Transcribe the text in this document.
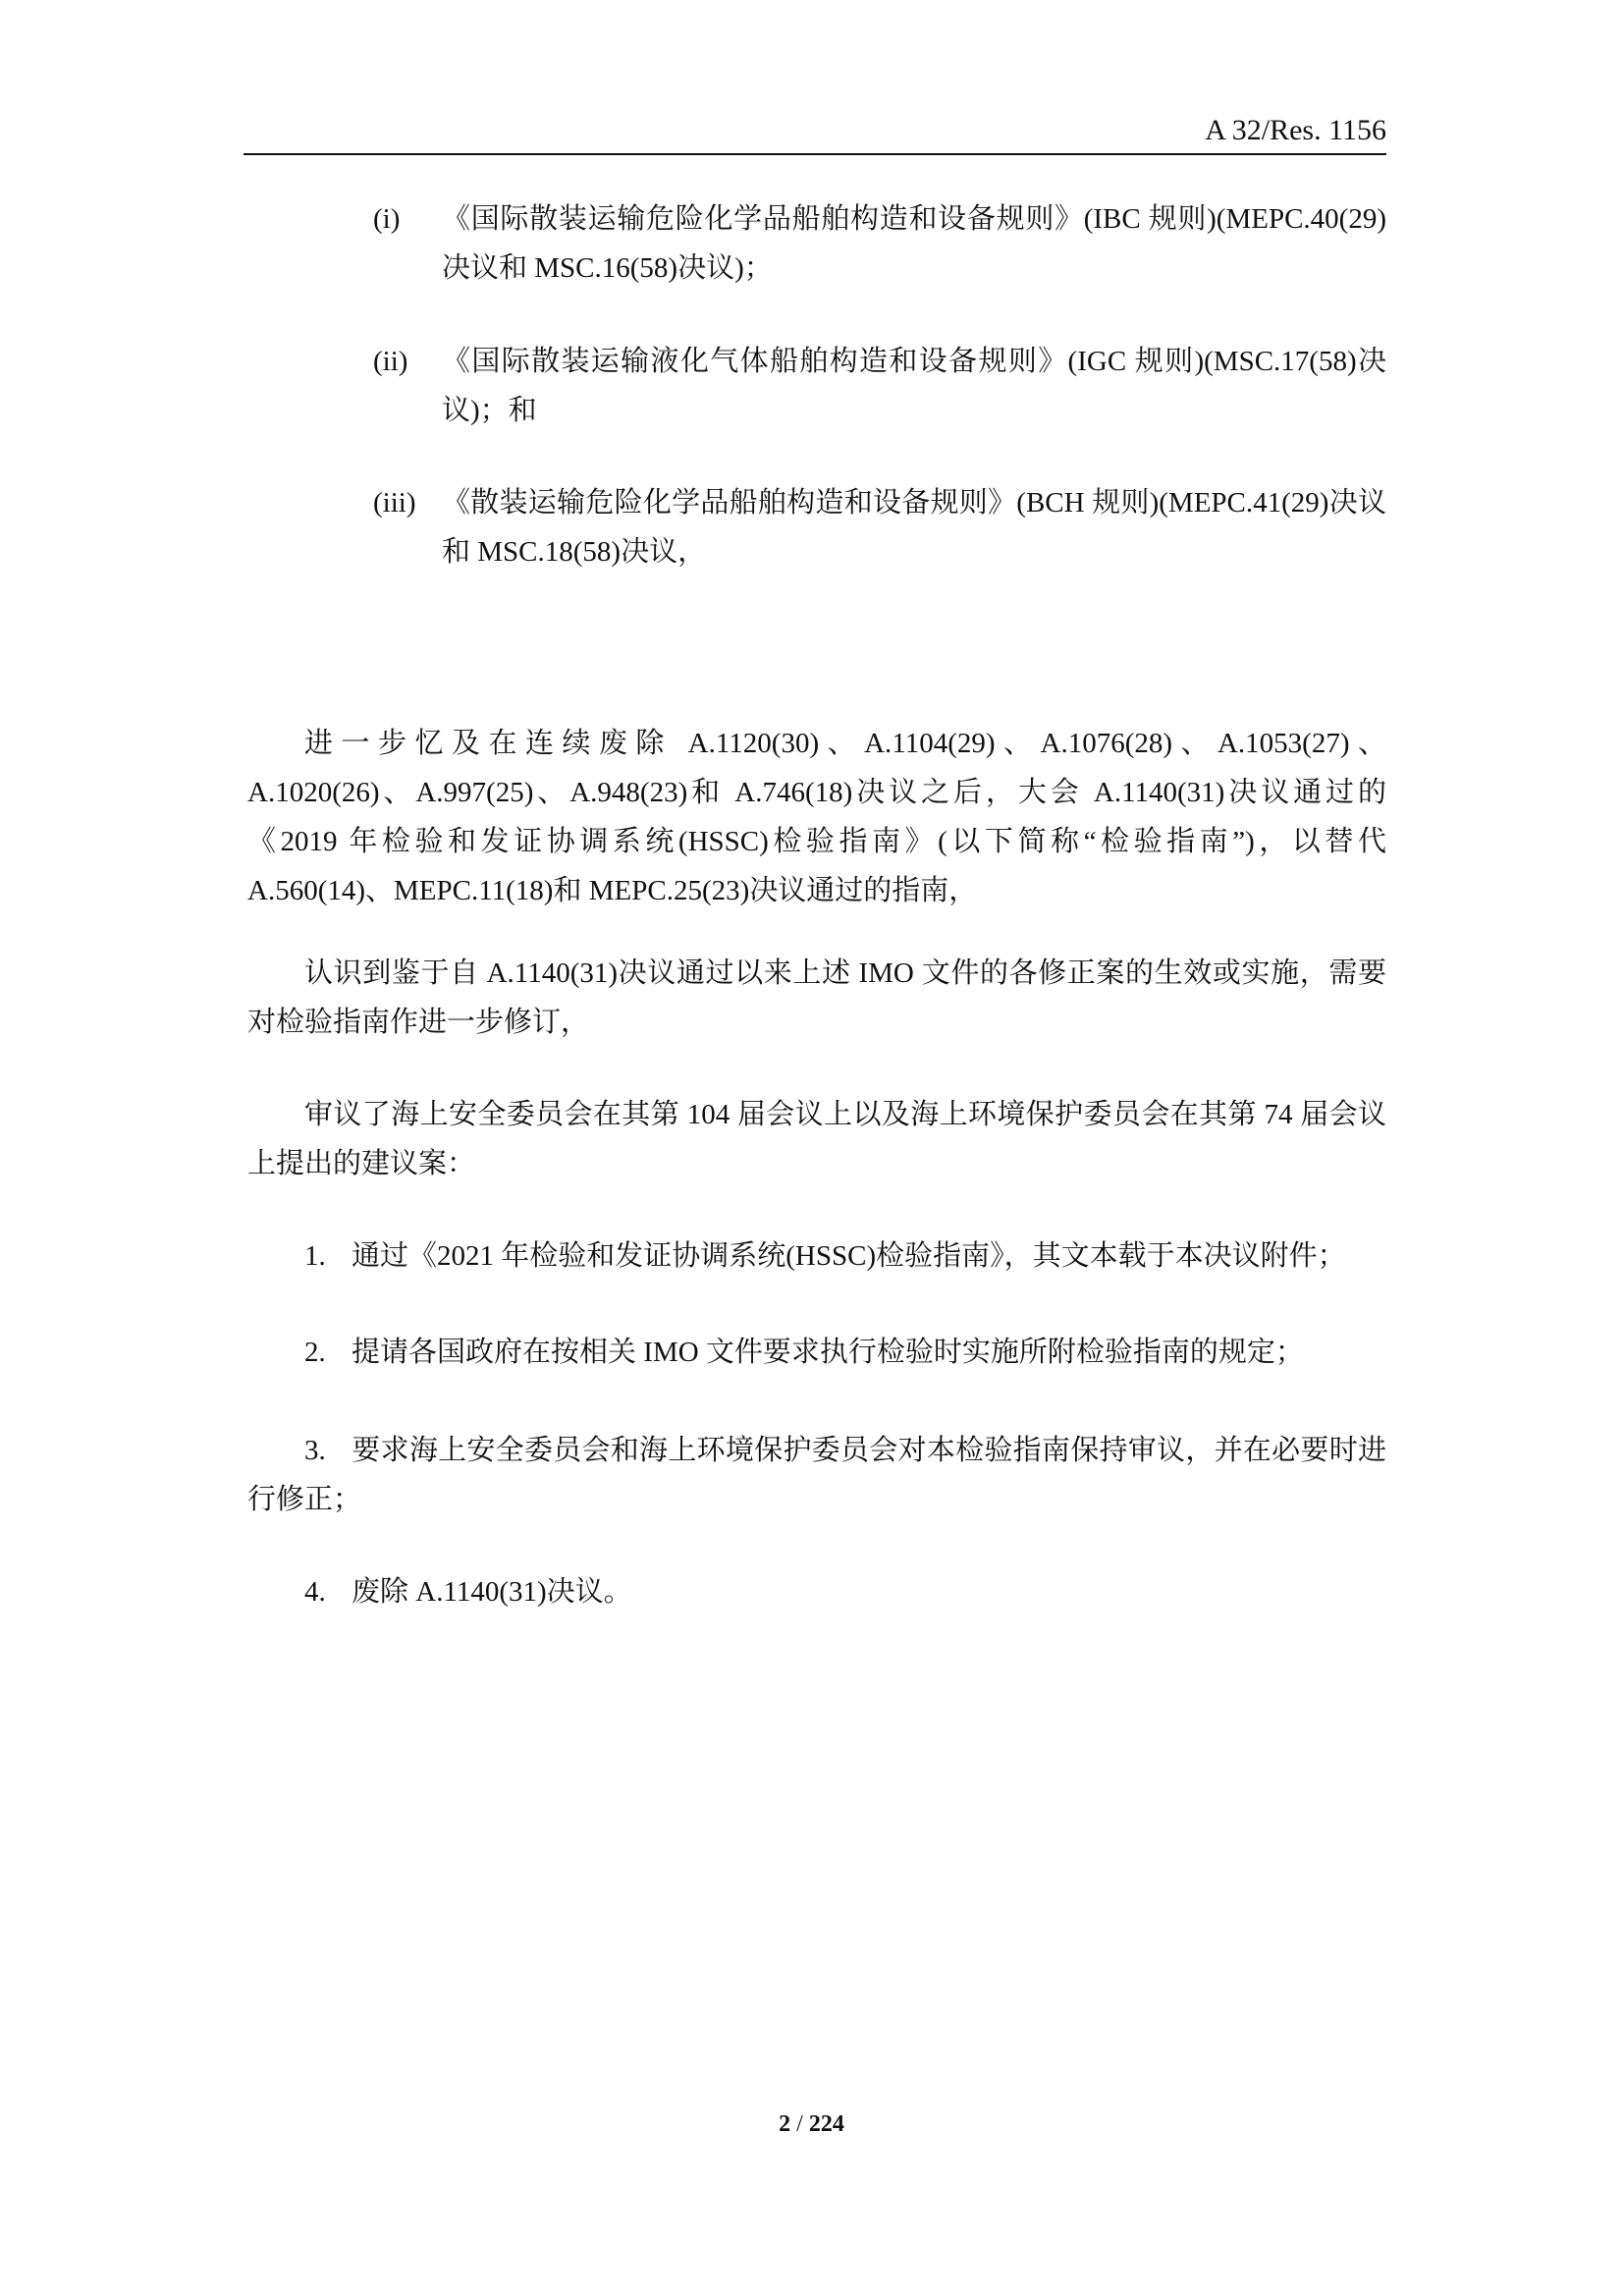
A 32/Res. 1156
(i) 《国际散装运输危险化学品船舶构造和设备规则》(IBC 规则)(MEPC.40(29) 决议和 MSC.16(58)决议)；
(ii) 《国际散装运输液化气体船舶构造和设备规则》(IGC 规则)(MSC.17(58)决议)；和
(iii) 《散装运输危险化学品船舶构造和设备规则》(BCH 规则)(MEPC.41(29)决议和 MSC.18(58)决议，
进一步忆及在连续废除 A.1120(30)、A.1104(29)、A.1076(28)、A.1053(27)、A.1020(26)、A.997(25)、A.948(23)和 A.746(18)决议之后，大会 A.1140(31)决议通过的《2019 年检验和发证协调系统(HSSC)检验指南》(以下简称“检验指南”)，以替代 A.560(14)、MEPC.11(18)和 MEPC.25(23)决议通过的指南，
认识到鉴于自 A.1140(31)决议通过以来上述 IMO 文件的各修正案的生效或实施，需要对检验指南作进一步修订，
审议了海上安全委员会在其第 104 届会议上以及海上环境保护委员会在其第 74 届会议上提出的建议案：
1. 通过《2021 年检验和发证协调系统(HSSC)检验指南》，其文本载于本决议附件；
2. 提请各国政府在按相关 IMO 文件要求执行检验时实施所附检验指南的规定；
3. 要求海上安全委员会和海上环境保护委员会对本检验指南保持审议，并在必要时进行修正；
4. 废除 A.1140(31)决议。
2 / 224
